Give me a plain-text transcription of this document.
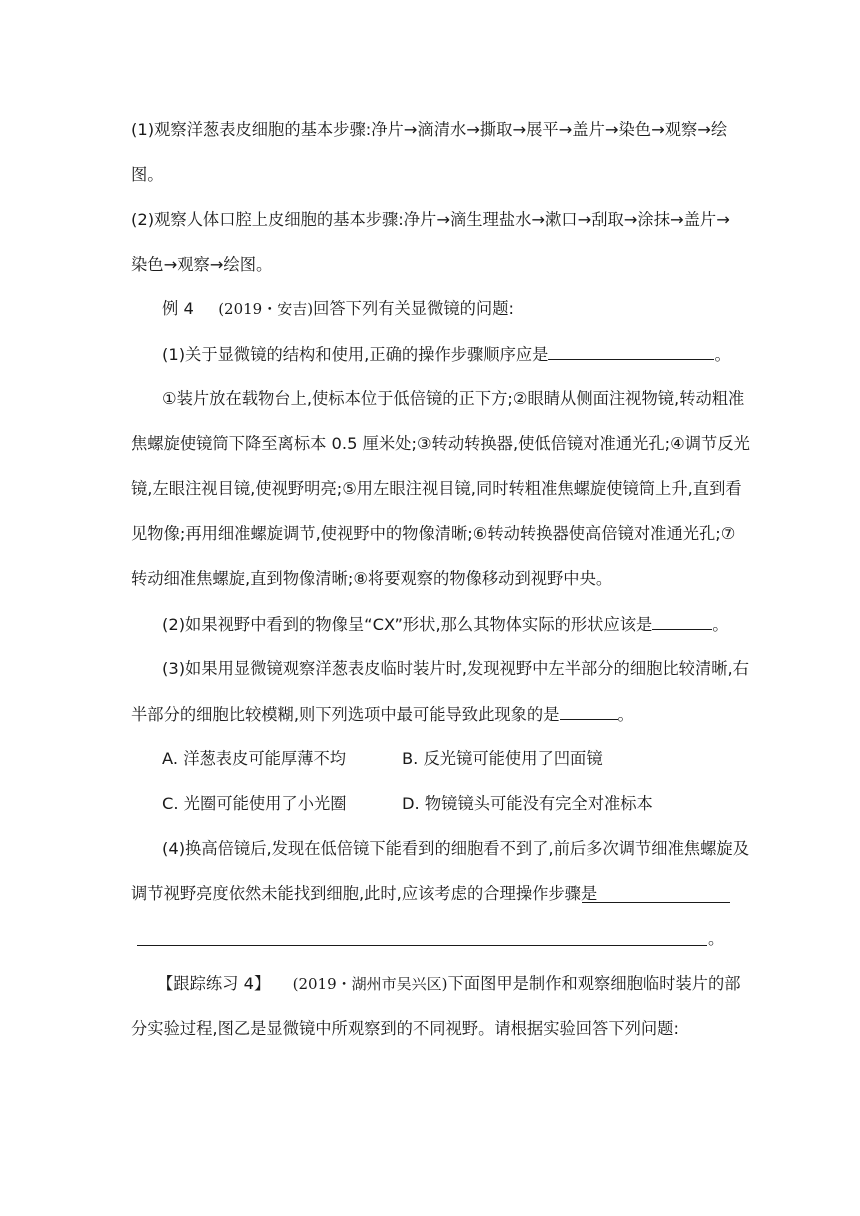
(1)观察洋葱表皮细胞的基本步骤:净片→滴清水→撕取→展平→盖片→染色→观察→绘
图。
(2)观察人体口腔上皮细胞的基本步骤:净片→滴生理盐水→漱口→刮取→涂抹→盖片→
染色→观察→绘图。
例 4 (2019・安吉)回答下列有关显微镜的问题:
(1)关于显微镜的结构和使用,正确的操作步骤顺序应是	。
①装片放在载物台上,使标本位于低倍镜的正下方;②眼睛从侧面注视物镜,转动粗准
焦螺旋使镜筒下降至离标本 0.5 厘米处;③转动转换器,使低倍镜对准通光孔;④调节反光
镜,左眼注视目镜,使视野明亮;⑤用左眼注视目镜,同时转粗准焦螺旋使镜筒上升,直到看
见物像;再用细准螺旋调节,使视野中的物像清晰;⑥转动转换器使高倍镜对准通光孔;⑦
转动细准焦螺旋,直到物像清晰;⑧将要观察的物像移动到视野中央。
(2)如果视野中看到的物像呈“CX”形状,那么其物体实际的形状应该是	。
(3)如果用显微镜观察洋葱表皮临时装片时,发现视野中左半部分的细胞比较清晰,右
半部分的细胞比较模糊,则下列选项中最可能导致此现象的是	。
A. 洋葱表皮可能厚薄不均	B. 反光镜可能使用了凹面镜
C. 光圈可能使用了小光圈	D. 物镜镜头可能没有完全对准标本
(4)换高倍镜后,发现在低倍镜下能看到的细胞看不到了,前后多次调节细准焦螺旋及
调节视野亮度依然未能找到细胞,此时,应该考虑的合理操作步骤是
。
【跟踪练习 4】 (2019・湖州市吴兴区)下面图甲是制作和观察细胞临时装片的部
分实验过程,图乙是显微镜中所观察到的不同视野。请根据实验回答下列问题:
